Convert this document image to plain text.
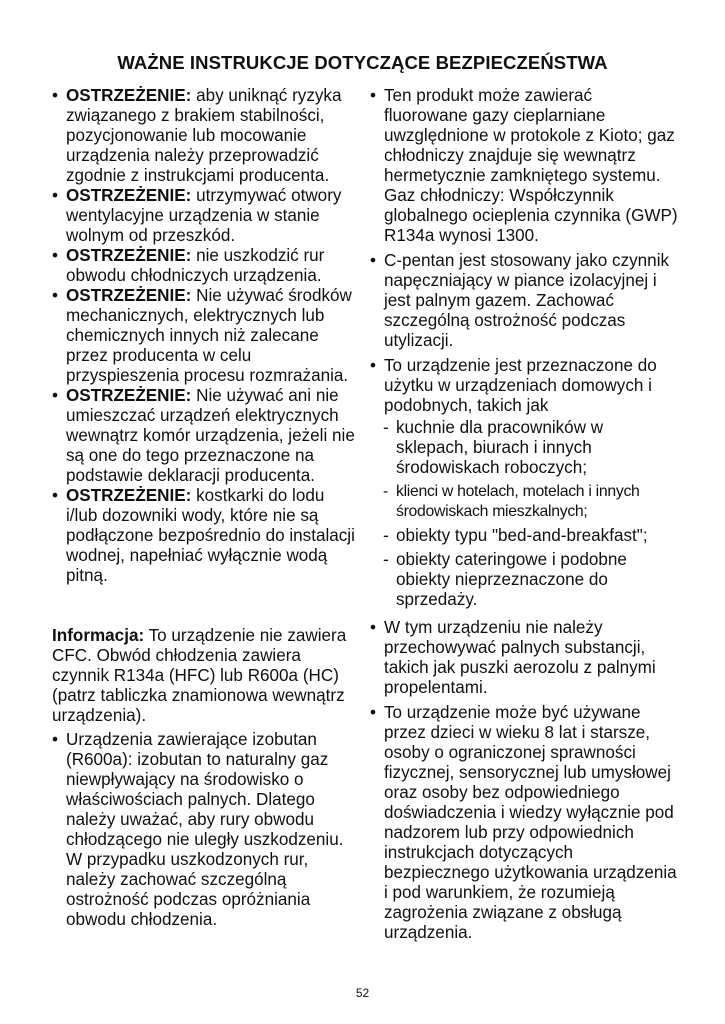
WAŻNE INSTRUKCJE DOTYCZĄCE BEZPIECZEŃSTWA

• OSTRZEŻENIE: aby uniknąć ryzyka związanego z brakiem stabilności, pozycjonowanie lub mocowanie urządzenia należy przeprowadzić zgodnie z instrukcjami producenta.

• OSTRZEŻENIE: utrzymywać otwory wentylacyjne urządzenia w stanie wolnym od przeszkód.

• OSTRZEŻENIE: nie uszkodzić rur obwodu chłodniczych urządzenia.

• OSTRZEŻENIE: Nie używać środków mechanicznych, elektrycznych lub chemicznych innych niż zalecane przez producenta w celu przyspieszenia procesu rozmrażania.

• OSTRZEŻENIE: Nie używać ani nie umieszczać urządzeń elektrycznych wewnątrz komór urządzenia, jeżeli nie są one do tego przeznaczone na podstawie deklaracji producenta.

• OSTRZEŻENIE: kostkarki do lodu i/lub dozowniki wody, które nie są podłączone bezpośrednio do instalacji wodnej, napełniać wyłącznie wodą pitną.

Informacja: To urządzenie nie zawiera CFC. Obwód chłodzenia zawiera czynnik R134a (HFC) lub R600a (HC) (patrz tabliczka znamionowa wewnątrz urządzenia).

• Urządzenia zawierające izobutan (R600a): izobutan to naturalny gaz niewpływający na środowisko o właściwościach palnych. Dlatego należy uważać, aby rury obwodu chłodzącego nie uległy uszkodzeniu. W przypadku uszkodzonych rur, należy zachować szczególną ostrożność podczas opróżniania obwodu chłodzenia.

• Ten produkt może zawierać fluorowane gazy cieplarniane uwzględnione w protokole z Kioto; gaz chłodniczy znajduje się wewnątrz hermetycznie zamkniętego systemu. Gaz chłodniczy: Współczynnik globalnego ocieplenia czynnika (GWP) R134a wynosi 1300.

• C-pentan jest stosowany jako czynnik napęczniający w piance izolacyjnej i jest palnym gazem. Zachować szczególną ostrożność podczas utylizacji.

• To urządzenie jest przeznaczone do użytku w urządzeniach domowych i podobnych, takich jak

- kuchnie dla pracowników w sklepach, biurach i innych środowiskach roboczych;

- klienci w hotelach, motelach i innych środowiskach mieszkalnych;

- obiekty typu "bed-and-breakfast";

- obiekty cateringowe i podobne obiekty nieprzeznaczone do sprzedaży.

• W tym urządzeniu nie należy przechowywać palnych substancji, takich jak puszki aerozolu z palnymi propelentami.

• To urządzenie może być używane przez dzieci w wieku 8 lat i starsze, osoby o ograniczonej sprawności fizycznej, sensorycznej lub umysłowej oraz osoby bez odpowiedniego doświadczenia i wiedzy wyłącznie pod nadzorem lub przy odpowiednich instrukcjach dotyczących bezpiecznego użytkowania urządzenia i pod warunkiem, że rozumieją zagrożenia związane z obsługą urządzenia.

52
